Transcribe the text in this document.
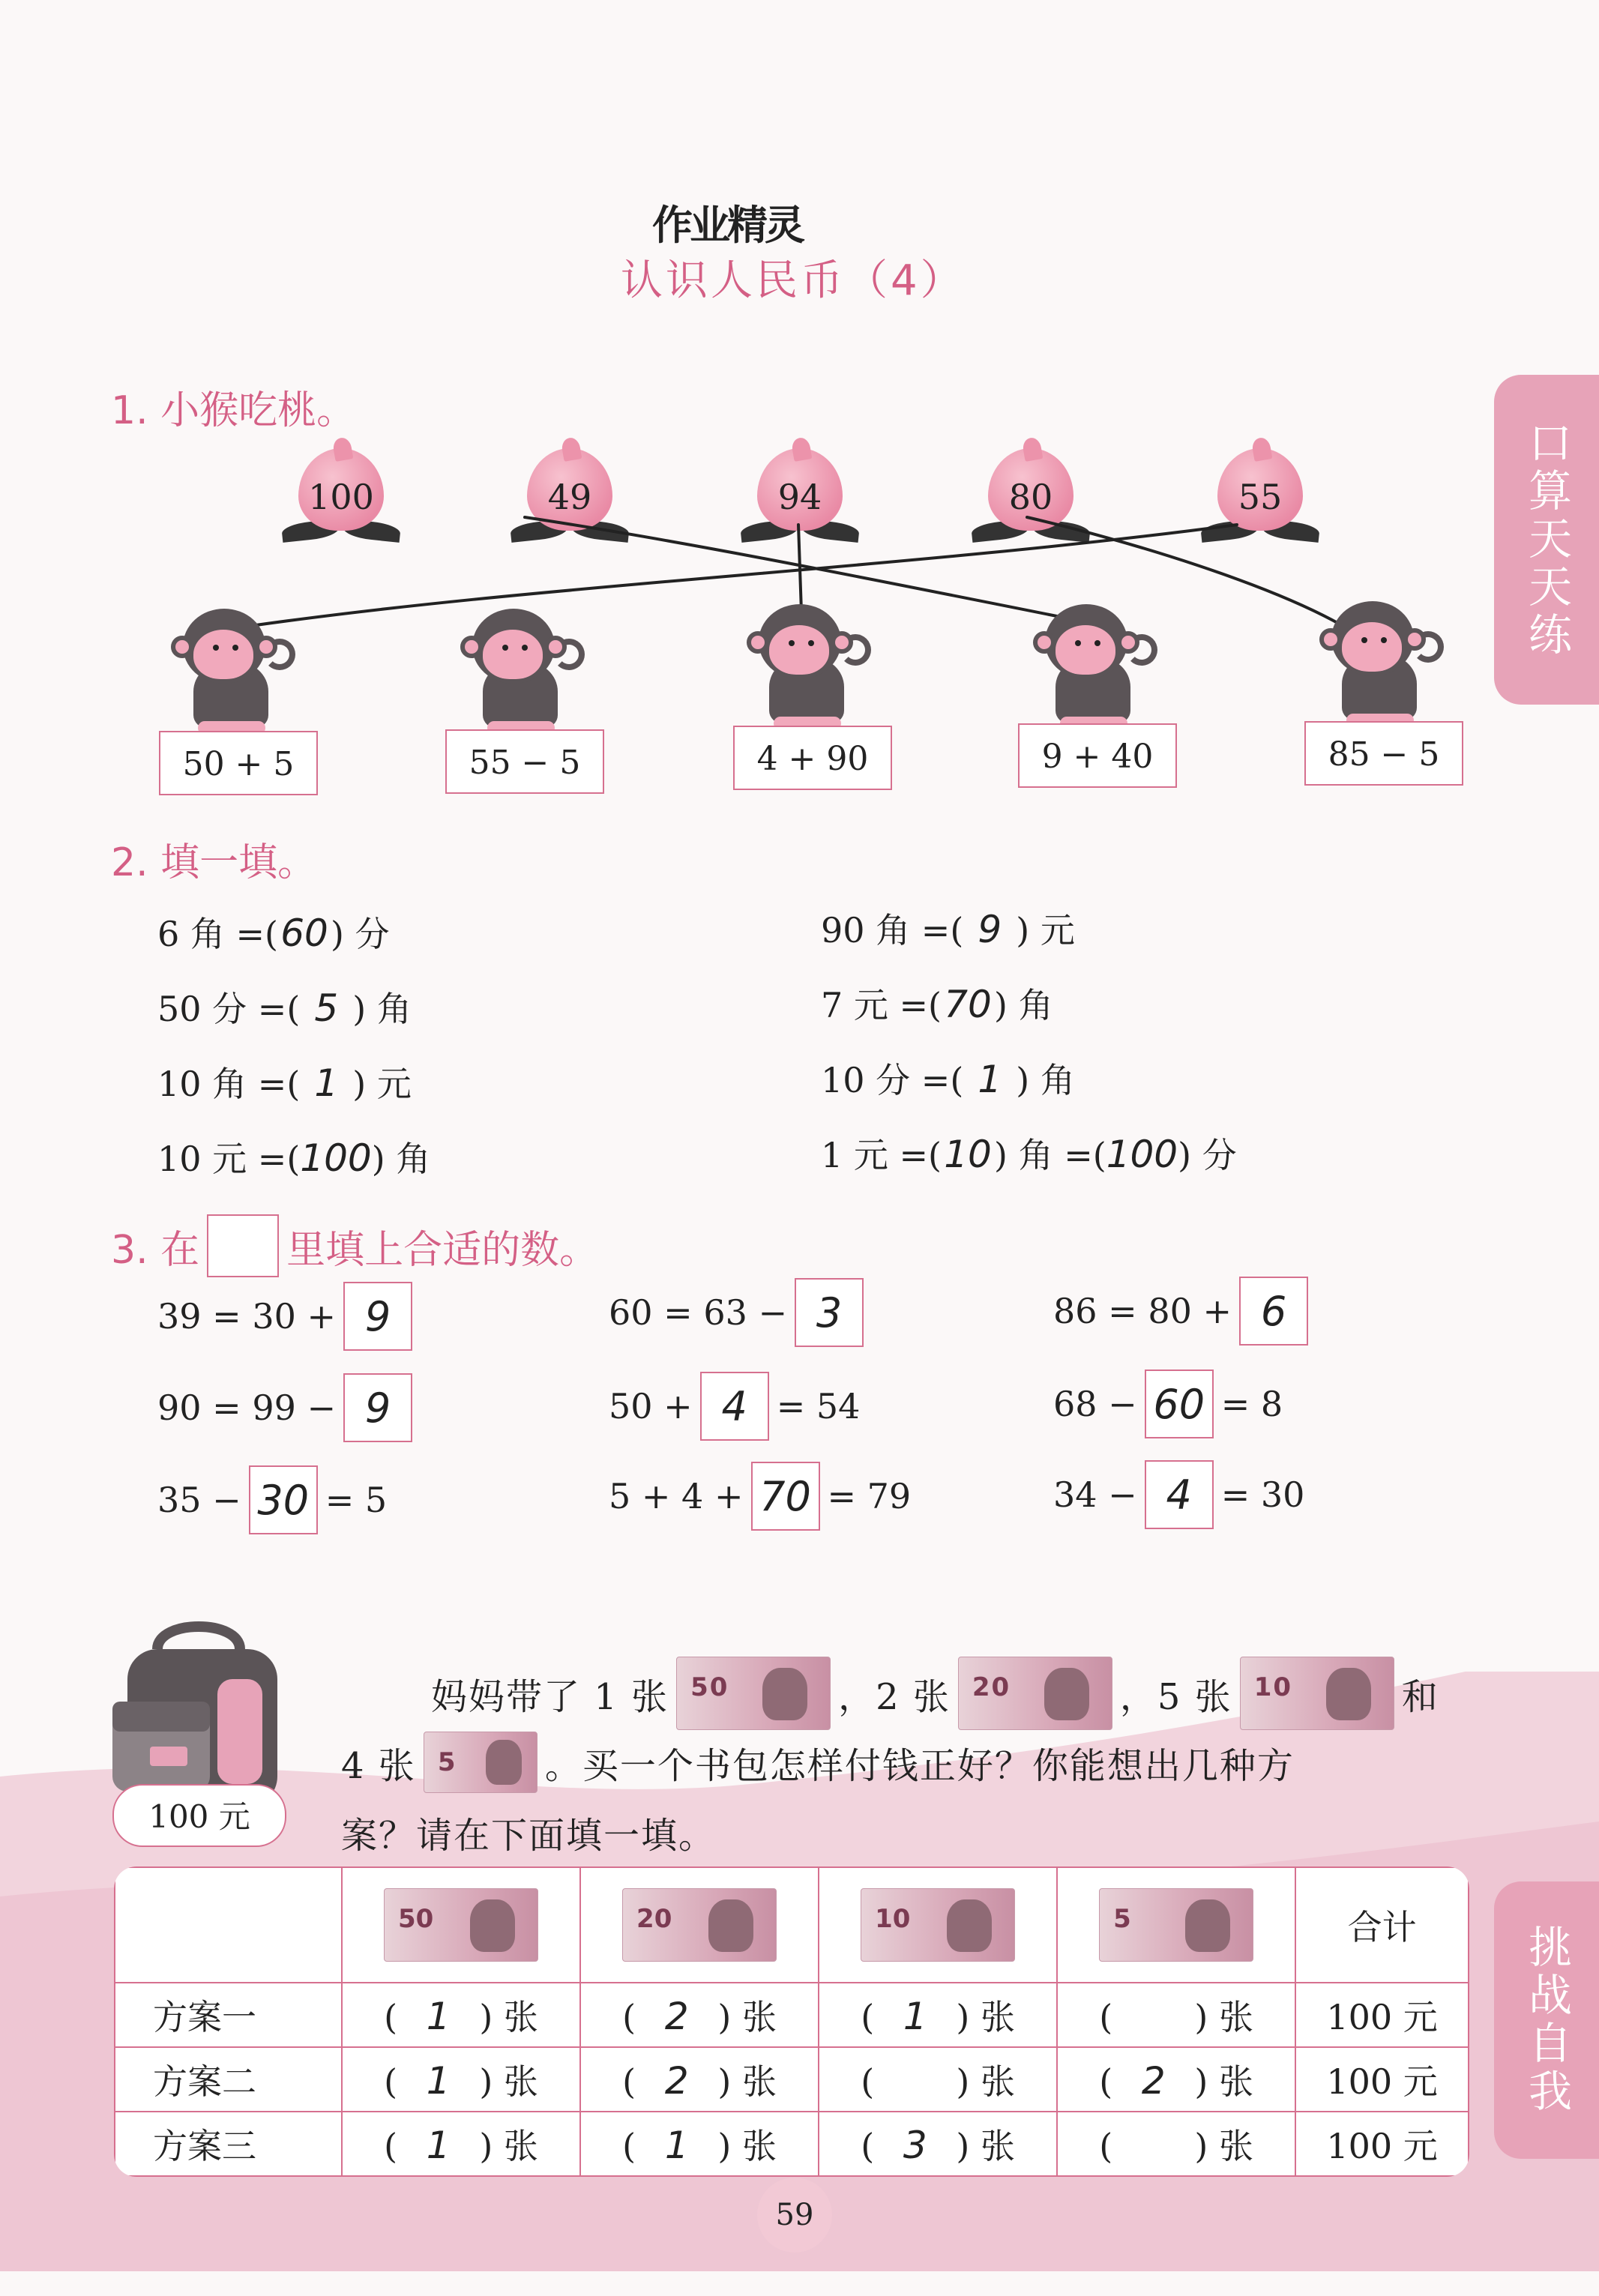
作业精灵
认识人民币（4）
口算天天练
挑战自我
1. 小猴吃桃。
100	49	94	80	55
50 + 5	55 − 5	4 + 90	9 + 40	85 − 5
2. 填一填。
6 角 =(60) 分	90 角 =( 9 ) 元
50 分 =( 5 ) 角	7 元 =(70) 角
10 角 =( 1 ) 元	10 分 =( 1 ) 角
10 元 =(100) 角	1 元 =(10) 角 =(100) 分
3. 在 里填上合适的数。
39 = 30 + 9	60 = 63 − 3	86 = 80 + 6
90 = 99 − 9	50 + 4 = 54	68 − 60 = 8
35 − 30 = 5	5 + 4 + 70 = 79	34 − 4 = 30
100 元
妈妈带了 1 张 50	，2 张 20	，5 张 10	和
4 张 5 。买一个书包怎样付钱正好？你能想出几种方
案？请在下面填一填。

	50	20	10	5	合计
方案一	( 1 ) 张	( 2 ) 张	( 1 ) 张	(  ) 张	100 元
方案二	( 1 ) 张	( 2 ) 张	(  ) 张	( 2 ) 张	100 元
方案三	( 1 ) 张	( 1 ) 张	( 3 ) 张	(  ) 张	100 元
59
